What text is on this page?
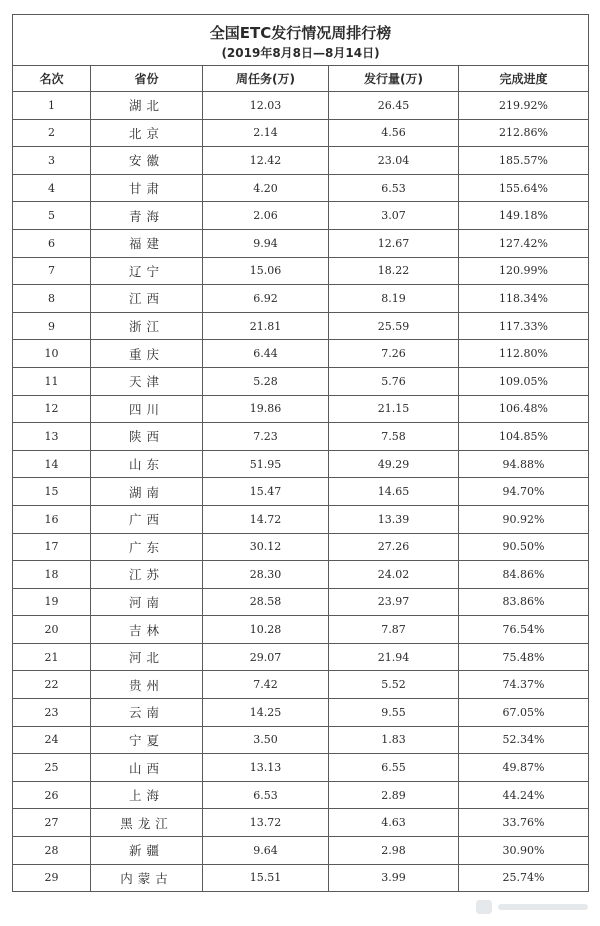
全国ETC发行情况周排行榜
(2019年8月8日—8月14日)				

名次	省份	周任务(万)	发行量(万)	完成进度
1	湖北	12.03	26.45	219.92%
2	北京	2.14	4.56	212.86%
3	安徽	12.42	23.04	185.57%
4	甘肃	4.20	6.53	155.64%
5	青海	2.06	3.07	149.18%
6	福建	9.94	12.67	127.42%
7	辽宁	15.06	18.22	120.99%
8	江西	6.92	8.19	118.34%
9	浙江	21.81	25.59	117.33%
10	重庆	6.44	7.26	112.80%
11	天津	5.28	5.76	109.05%
12	四川	19.86	21.15	106.48%
13	陕西	7.23	7.58	104.85%
14	山东	51.95	49.29	94.88%
15	湖南	15.47	14.65	94.70%
16	广西	14.72	13.39	90.92%
17	广东	30.12	27.26	90.50%
18	江苏	28.30	24.02	84.86%
19	河南	28.58	23.97	83.86%
20	吉林	10.28	7.87	76.54%
21	河北	29.07	21.94	75.48%
22	贵州	7.42	5.52	74.37%
23	云南	14.25	9.55	67.05%
24	宁夏	3.50	1.83	52.34%
25	山西	13.13	6.55	49.87%
26	上海	6.53	2.89	44.24%
27	黑龙江	13.72	4.63	33.76%
28	新疆	9.64	2.98	30.90%
29	内蒙古	15.51	3.99	25.74%
